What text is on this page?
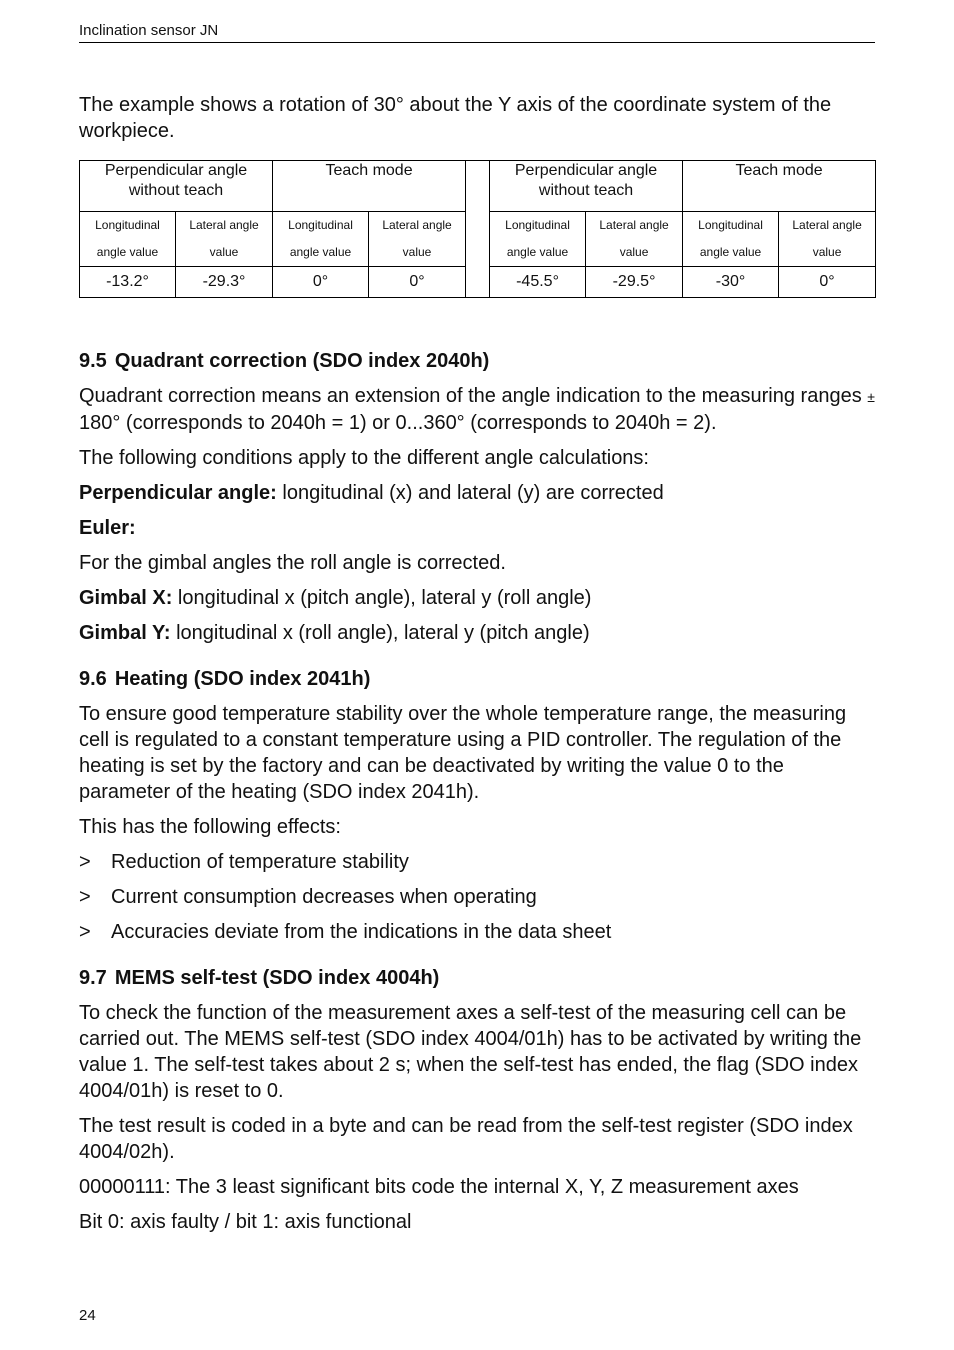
Inclination sensor JN

The example shows a rotation of 30° about the Y axis of the coordinate system of the workpiece.

Perpendicular angle without teach		Teach mode			Perpendicular angle without teach		Teach mode	
Longitudinal angle value	Lateral angle value	Longitudinal angle value	Lateral angle value		Longitudinal angle value	Lateral angle value	Longitudinal angle value	Lateral angle value
-13.2°	-29.3°	0°	0°		-45.5°	-29.5°	-30°	0°
9.5 Quadrant correction (SDO index 2040h)

Quadrant correction means an extension of the angle indication to the measuring ranges ± 180° (corresponds to 2040h = 1) or 0...360° (corresponds to 2040h = 2).

The following conditions apply to the different angle calculations:

Perpendicular angle: longitudinal (x) and lateral (y) are corrected

Euler:

For the gimbal angles the roll angle is corrected.

Gimbal X: longitudinal x (pitch angle), lateral y (roll angle)

Gimbal Y: longitudinal x (roll angle), lateral y (pitch angle)

9.6 Heating (SDO index 2041h)

To ensure good temperature stability over the whole temperature range, the measuring cell is regulated to a constant temperature using a PID controller. The regulation of the heating is set by the factory and can be deactivated by writing the value 0 to the parameter of the heating (SDO index 2041h).

This has the following effects:

>	Reduction of temperature stability
>	Current consumption decreases when operating
>	Accuracies deviate from the indications in the data sheet
9.7 MEMS self-test (SDO index 4004h)

To check the function of the measurement axes a self-test of the measuring cell can be carried out. The MEMS self-test (SDO index 4004/01h) has to be activated by writing the value 1. The self-test takes about 2 s; when the self-test has ended, the flag (SDO index 4004/01h) is reset to 0.

The test result is coded in a byte and can be read from the self-test register (SDO index 4004/02h).

00000111: The 3 least significant bits code the internal X, Y, Z measurement axes

Bit 0: axis faulty / bit 1: axis functional

24
